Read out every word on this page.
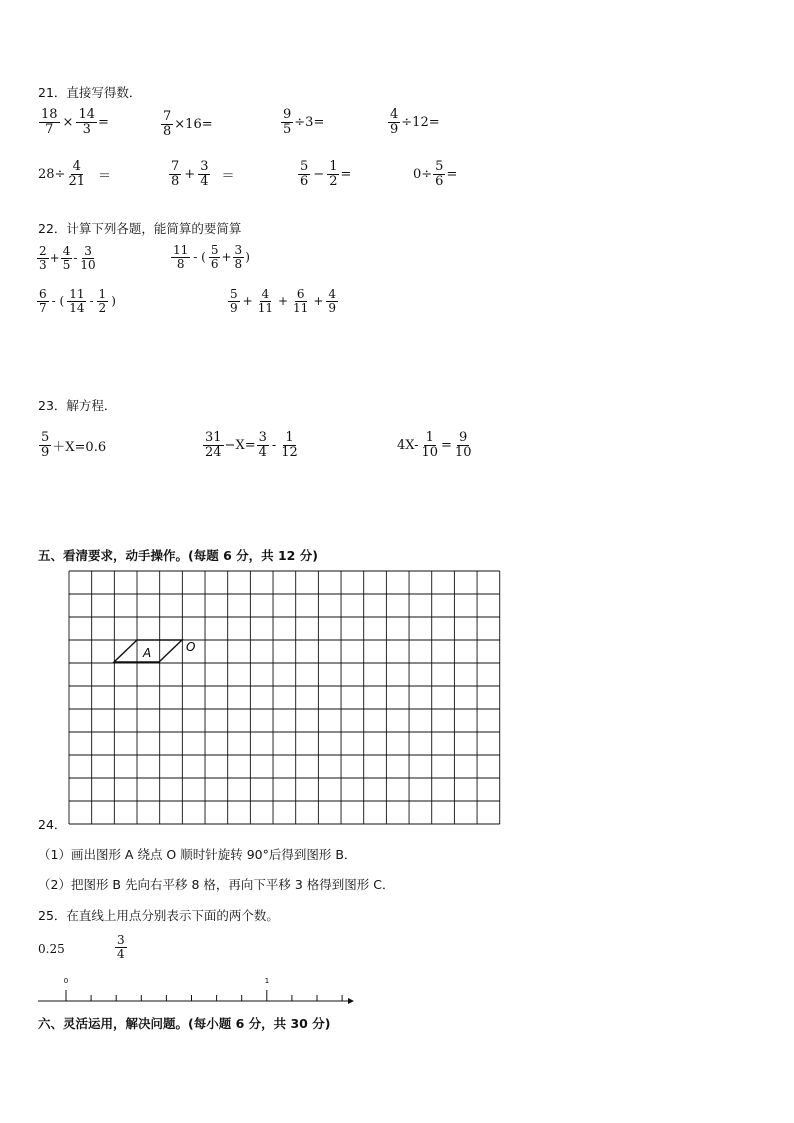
21．直接写得数．
$\frac{18}{7} \times \frac{14}{3}$ =	$\frac{7}{8} \times 16=$	$\frac{9}{5} \div 3=$	$\frac{4}{9} \div 12=$
$28\div \frac{4}{21}$ ＝	$\frac{7}{8} + \frac{3}{4}$ ＝	$\frac{5}{6} - \frac{1}{2}$ =	$0\div \frac{5}{6}$ =
22．计算下列各题，能简算的要简算
$\frac{2}{3} + \frac{4}{5} - \frac{3}{10}$	$\frac{11}{8}$ - ( $\frac{5}{6} + \frac{3}{8}$ )
$\frac{6}{7}$ - ( $\frac{11}{14} - \frac{1}{2}$ )	$\frac{5}{9} + \frac{4}{11} + \frac{6}{11} + \frac{4}{9}$
23．解方程．
$\frac{5}{9} +X=0.6$	$\frac{31}{24} -X= \frac{3}{4} - \frac{1}{12}$	$4X- \frac{1}{10} = \frac{9}{10}$
五、看清要求，动手操作。(每题 6 分，共 12 分)
A	O
24．
（1）画出图形 A 绕点 O 顺时针旋转 90°后得到图形 B．
（2）把图形 B 先向右平移 8 格，再向下平移 3 格得到图形 C．
25．在直线上用点分别表示下面的两个数。
0.25	$\frac{3}{4}$
0	1
六、灵活运用，解决问题。(每小题 6 分，共 30 分)
